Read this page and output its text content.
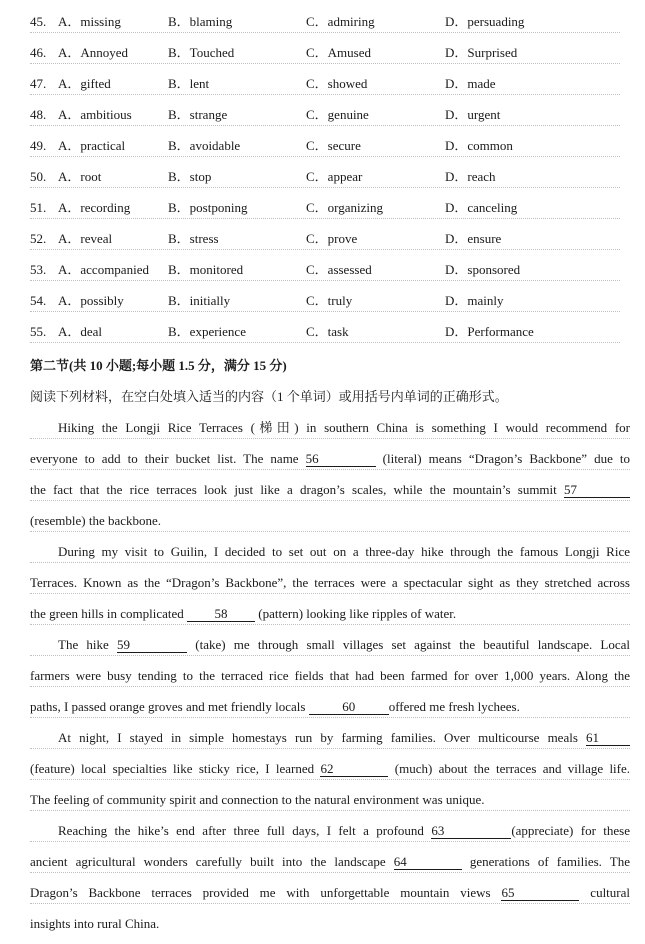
45. A．missing	B．blaming	C．admiring	D．persuading
46. A．Annoyed	B．Touched	C．Amused	D．Surprised
47. A．gifted	B．lent	C．showed	D．made
48. A．ambitious	B．strange	C．genuine	D．urgent
49. A．practical	B．avoidable	C．secure	D．common
50. A．root	B．stop	C．appear	D．reach
51. A．recording	B．postponing	C．organizing	D．canceling
52. A．reveal	B．stress	C．prove	D．ensure
53. A．accompanied B．monitored	C．assessed	D．sponsored
54. A．possibly	B．initially	C．truly	D．mainly
55. A．deal	B．experience	C．task	D．Performance
第二节(共 10 小题;每小题 1.5 分，满分 15 分)
阅读下列材料，在空白处填入适当的内容（1 个单词）或用括号内单词的正确形式。
Hiking the Longji Rice Terraces (梯田) in southern China is something I would recommend for
everyone to add to their bucket list. The name 56	(literal) means “Dragon’s Backbone” due to
the fact that the rice terraces look just like a dragon’s scales, while the mountain’s summit 57
(resemble) the backbone.
During my visit to Guilin, I decided to set out on a three-day hike through the famous Longji Rice
Terraces. Known as the “Dragon’s Backbone”, the terraces were a spectacular sight as they stretched across
the green hills in complicated 58 (pattern) looking like ripples of water.
The hike 59	(take) me through small villages set against the beautiful landscape. Local
farmers were busy tending to the terraced rice fields that had been farmed for over 1,000 years. Along the
paths, I passed orange groves and met friendly locals	60	offered me fresh lychees.
At night, I stayed in simple homestays run by farming families. Over multicourse meals 61
(feature) local specialties like sticky rice, I learned 62	(much) about the terraces and village life.
The feeling of community spirit and connection to the natural environment was unique.
Reaching the hike’s end after three full days, I felt a profound 63	(appreciate) for these
ancient agricultural wonders carefully built into the landscape 64	generations of families. The
Dragon’s Backbone terraces provided me with unforgettable mountain views 65	cultural
insights into rural China.
